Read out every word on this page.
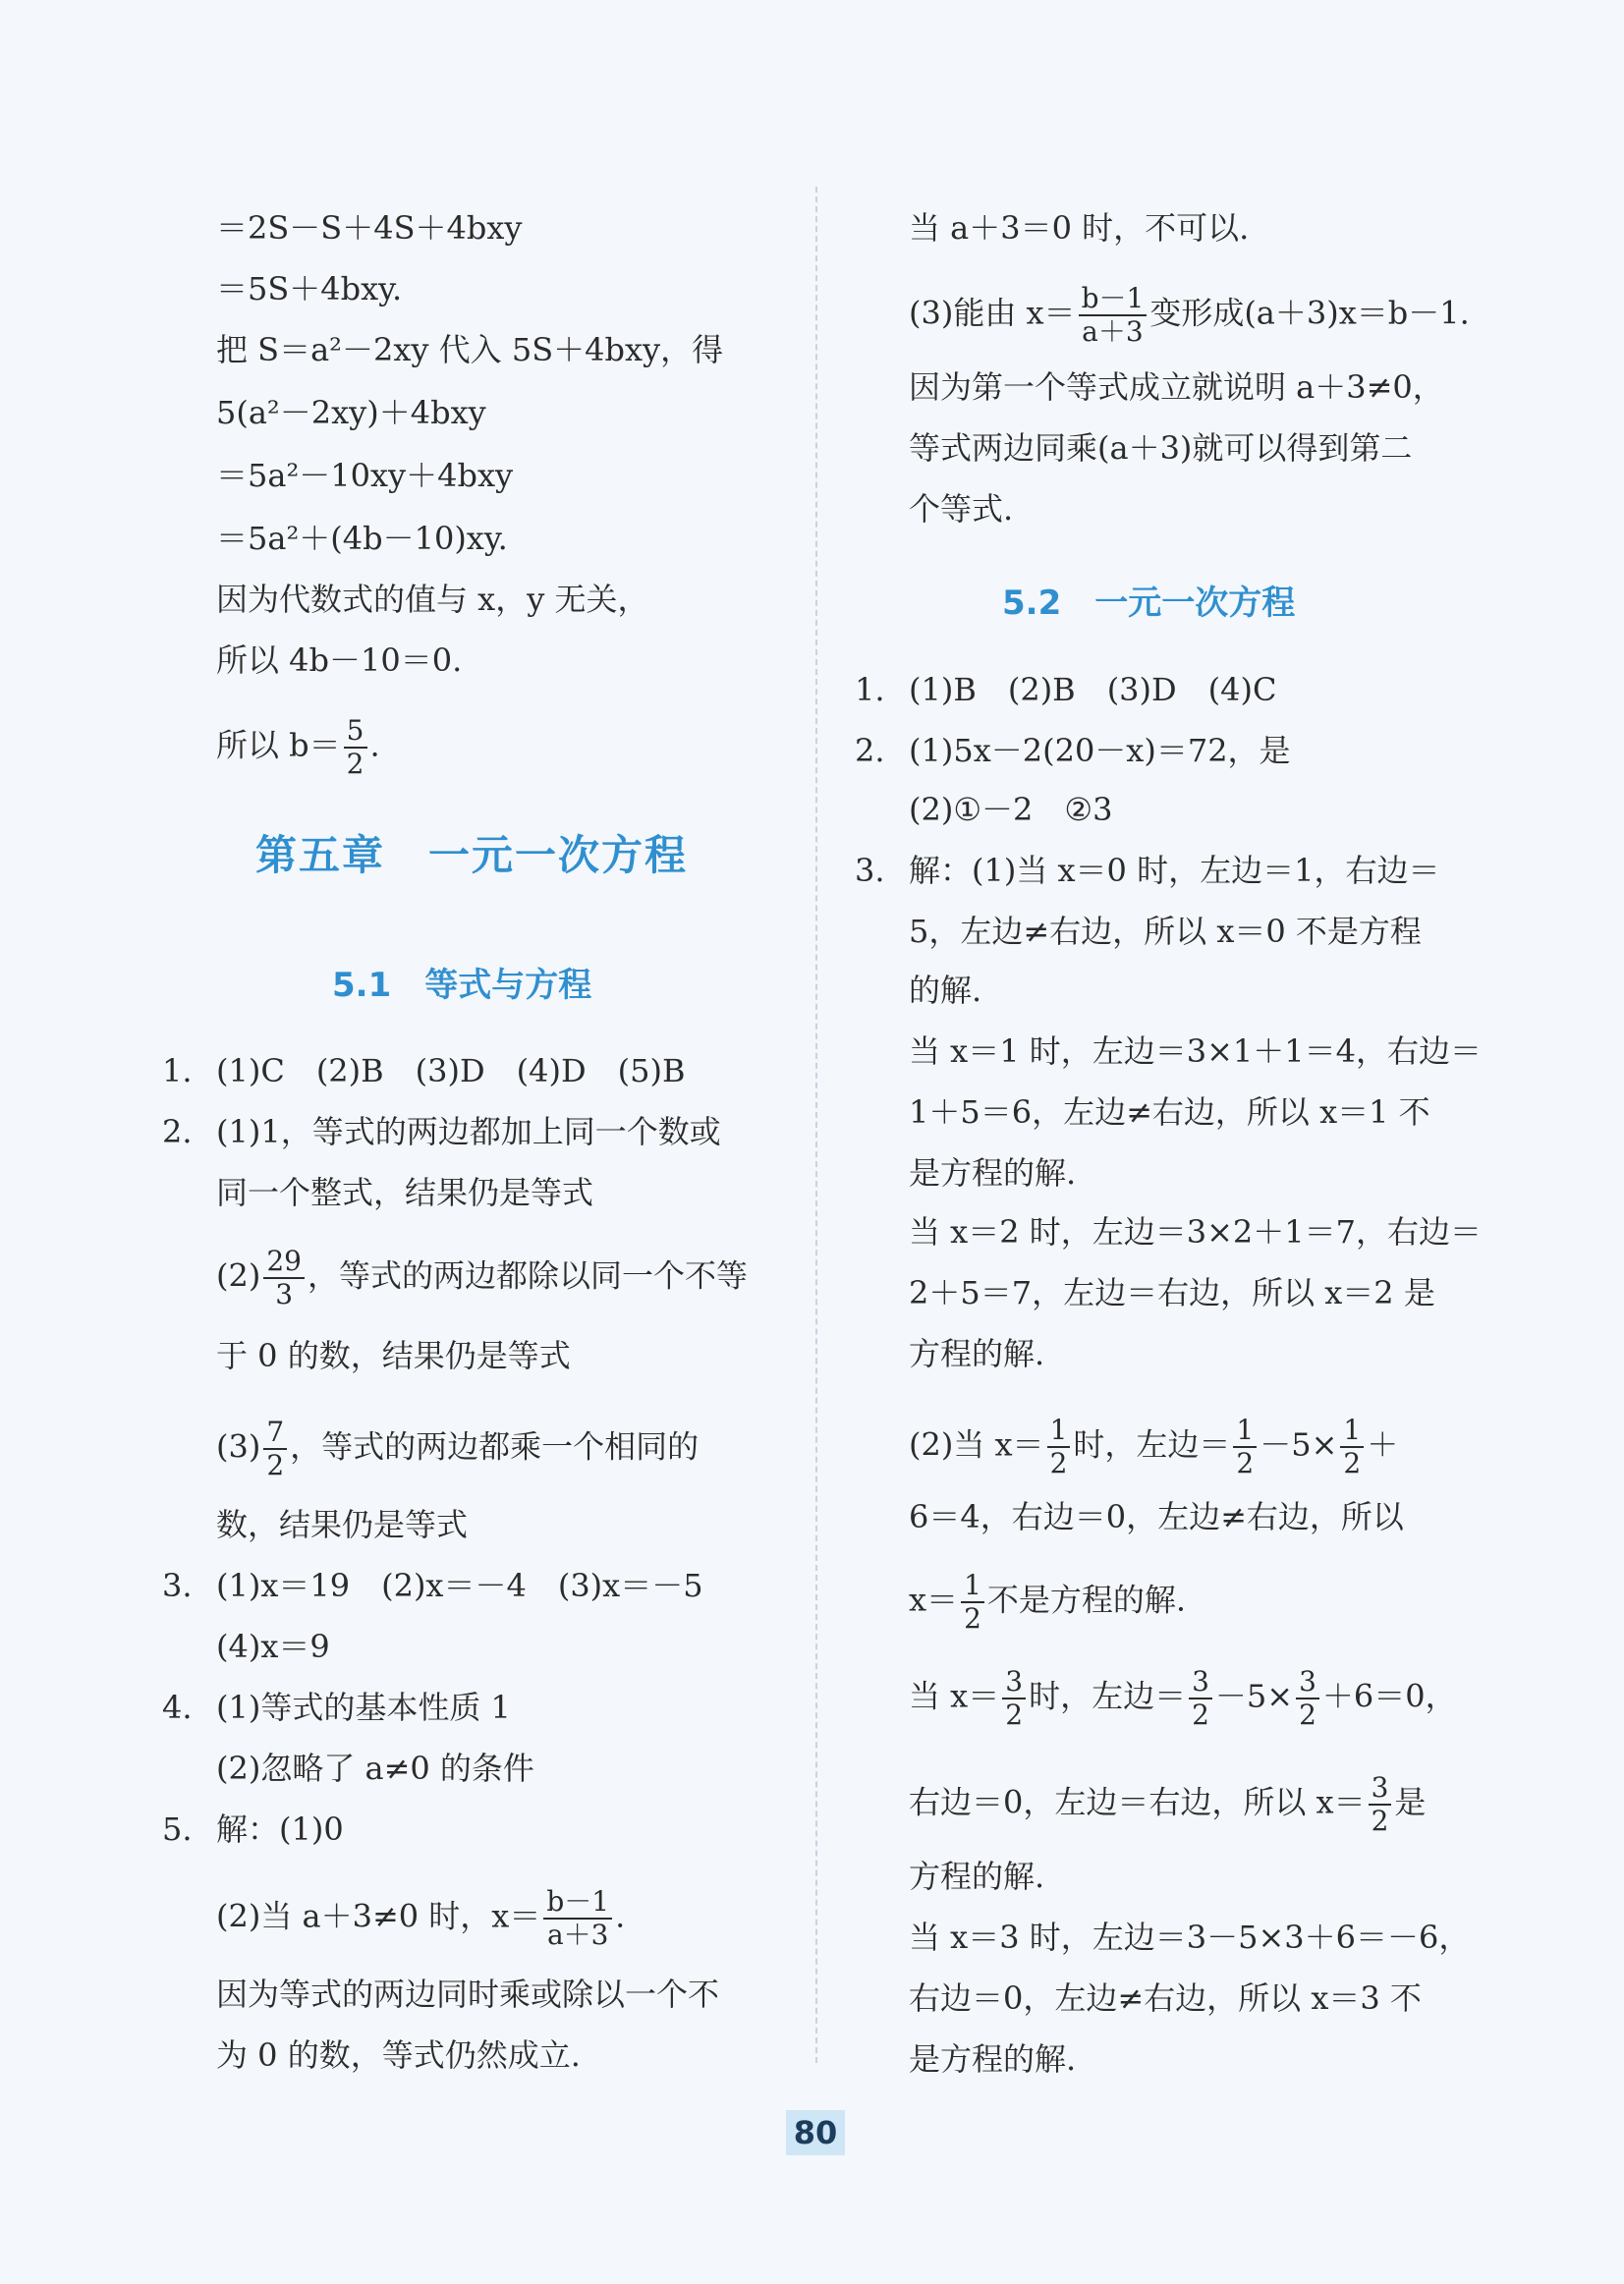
＝2S－S＋4S＋4bxy
＝5S＋4bxy.
把 S＝a²－2xy 代入 5S＋4bxy，得
5(a²－2xy)＋4bxy
＝5a²－10xy＋4bxy
＝5a²＋(4b－10)xy.
因为代数式的值与 x，y 无关，
所以 4b－10＝0.
所以 $b= \frac{5}{2}$ .
第五章　一元一次方程
5.1　等式与方程
1. (1)C　(2)B　(3)D　(4)D　(5)B
2. (1)1，等式的两边都加上同一个数或
同一个整式，结果仍是等式
$(2) \frac{29}{3}$ ，等式的两边都除以同一个不等
于 0 的数，结果仍是等式
$(3) \frac{7}{2}$ ，等式的两边都乘一个相同的
数，结果仍是等式
3. (1)x＝19　(2)x＝－4　(3)x＝－5
(4)x＝9
4. (1)等式的基本性质 1
(2)忽略了 a≠0 的条件
5. 解：(1)0
(2)当 a＋3≠0 时，$x= \frac{b-1}{a+3}$ .
因为等式的两边同时乘或除以一个不
为 0 的数，等式仍然成立.
当 a＋3＝0 时，不可以.
(3)能由 $x= \frac{b-1}{a+3}$ 变形成(a＋3)x＝b－1.
因为第一个等式成立就说明 a＋3≠0，
等式两边同乘(a＋3)就可以得到第二
个等式.
5.2　一元一次方程
1. (1)B　(2)B　(3)D　(4)C
2. (1)5x－2(20－x)＝72，是
(2)①－2　②3
3. 解：(1)当 x＝0 时，左边＝1，右边＝
5，左边≠右边，所以 x＝0 不是方程
的解.
当 x＝1 时，左边＝3×1＋1＝4，右边＝
1＋5＝6，左边≠右边，所以 x＝1 不
是方程的解.
当 x＝2 时，左边＝3×2＋1＝7，右边＝
2＋5＝7，左边＝右边，所以 x＝2 是
方程的解.
(2)当 $x= \frac{1}{2}$ 时，左边＝ $\frac{1}{2} -5\times \frac{1}{2}$ ＋
6＝4，右边＝0，左边≠右边，所以
$x= \frac{1}{2}$ 不是方程的解.
当 $x= \frac{3}{2}$ 时，左边＝ $\frac{3}{2} -5\times \frac{3}{2} +6=0$，
右边＝0，左边＝右边，所以 $x= \frac{3}{2}$ 是
方程的解.
当 x＝3 时，左边＝3－5×3＋6＝－6，
右边＝0，左边≠右边，所以 x＝3 不
是方程的解.
80
